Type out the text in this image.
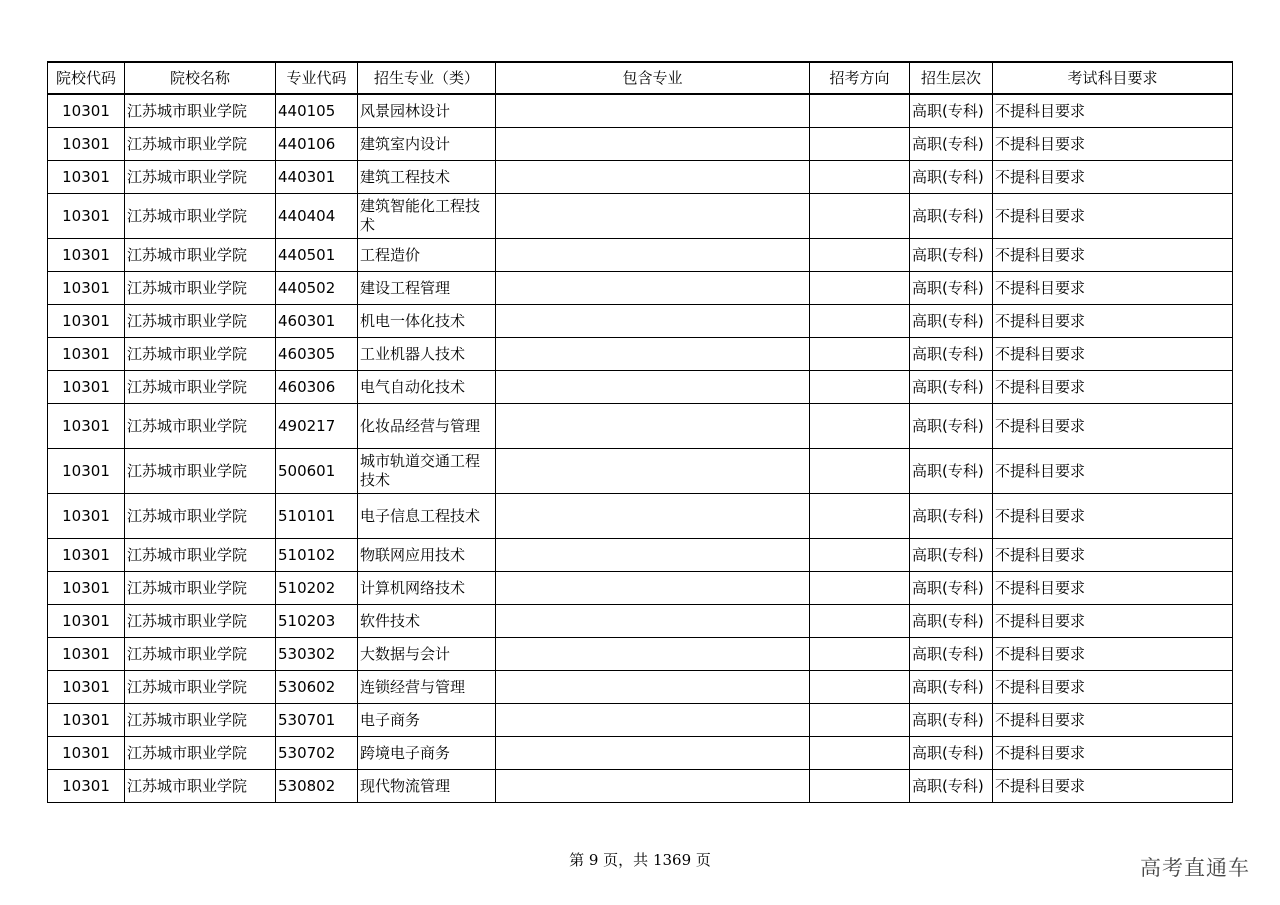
院校代码	院校名称	专业代码	招生专业（类）	包含专业	招考方向	招生层次	考试科目要求
10301	江苏城市职业学院	440105	风景园林设计			高职(专科)	不提科目要求
10301	江苏城市职业学院	440106	建筑室内设计			高职(专科)	不提科目要求
10301	江苏城市职业学院	440301	建筑工程技术			高职(专科)	不提科目要求
10301	江苏城市职业学院	440404	建筑智能化工程技术			高职(专科)	不提科目要求
10301	江苏城市职业学院	440501	工程造价			高职(专科)	不提科目要求
10301	江苏城市职业学院	440502	建设工程管理			高职(专科)	不提科目要求
10301	江苏城市职业学院	460301	机电一体化技术			高职(专科)	不提科目要求
10301	江苏城市职业学院	460305	工业机器人技术			高职(专科)	不提科目要求
10301	江苏城市职业学院	460306	电气自动化技术			高职(专科)	不提科目要求
10301	江苏城市职业学院	490217	化妆品经营与管理			高职(专科)	不提科目要求
10301	江苏城市职业学院	500601	城市轨道交通工程技术			高职(专科)	不提科目要求
10301	江苏城市职业学院	510101	电子信息工程技术			高职(专科)	不提科目要求
10301	江苏城市职业学院	510102	物联网应用技术			高职(专科)	不提科目要求
10301	江苏城市职业学院	510202	计算机网络技术			高职(专科)	不提科目要求
10301	江苏城市职业学院	510203	软件技术			高职(专科)	不提科目要求
10301	江苏城市职业学院	530302	大数据与会计			高职(专科)	不提科目要求
10301	江苏城市职业学院	530602	连锁经营与管理			高职(专科)	不提科目要求
10301	江苏城市职业学院	530701	电子商务			高职(专科)	不提科目要求
10301	江苏城市职业学院	530702	跨境电子商务			高职(专科)	不提科目要求
10301	江苏城市职业学院	530802	现代物流管理			高职(专科)	不提科目要求
第 9 页，共 1369 页	高考直通车
